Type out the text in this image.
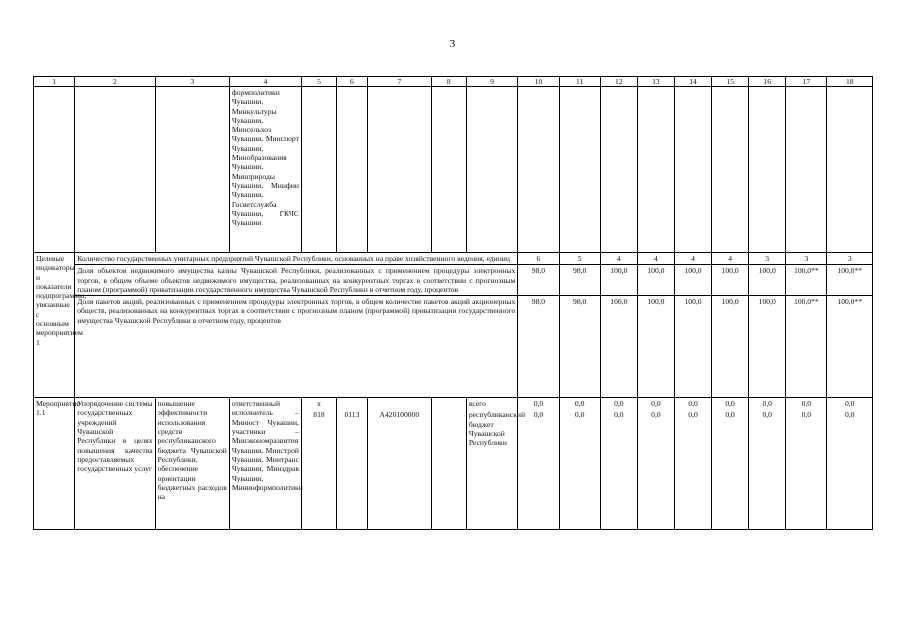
3
1	2	3	4	5	6	7	8	9	10	11	12	13	14	15	16	17	18
			формполитики Чувашии, Минкультуры Чувашии, Минсельхоз Чувашии, Минспорт Чувашии, Минобразования Чувашии, Минприроды Чувашии, Минфин Чувашии, Госветслужба Чувашии, ГКЧС Чувашии														
Целевые индикаторы и показатели подпрограммы, увязанные с основным мероприятием 1	Количество государственных унитарных предприятий Чувашской Республики, основанных на праве хозяйственного ведения, единиц								6	5	4	4	4	4	3	3	3
	Доля объектов недвижимого имущества казны Чувашской Республики, реализованных с применением процедуры электронных торгов, в общем объеме объектов недвижимого имущества, реализованных на конкурентных торгах в соответствии с прогнозным планом (программой) приватизации государственного имущества Чувашской Республики в отчетном году, процентов								98,0	98,0	100,0	100,0	100,0	100,0	100,0	100,0**	100,0**
	Доля пакетов акций, реализованных с применением процедуры электронных торгов, в общем количестве пакетов акций акционерных обществ, реализованных на конкурентных торгах в соответствии с прогнозным планом (программой) приватизации государственного имущества Чувашской Республики в отчетном году, процентов								98,0	98,0	100,0	100,0	100,0	100,0	100,0	100,0**	100,0**
Мероприятие 1.1	Упорядочение системы государственных учреждений Чувашской Республики в целях повышения качества предоставляемых государственных услуг	повышение эффективности использования средств республиканского бюджета Чувашской Республики, обеспечение ориентации бюджетных расходов на	ответственный исполнитель – Минюст Чувашии, участники – Минэкономразвития Чувашии, Минстрой Чувашии, Минтранс Чувашии, Минздрав Чувашии, Мининформполитики	х				всего	0,0	0,0	0,0	0,0	0,0	0,0	0,0	0,0	0,0
				818	0113	А420100000		республиканский бюджет Чувашской Республики	0,0	0,0	0,0	0,0	0,0	0,0	0,0	0,0	0,0
